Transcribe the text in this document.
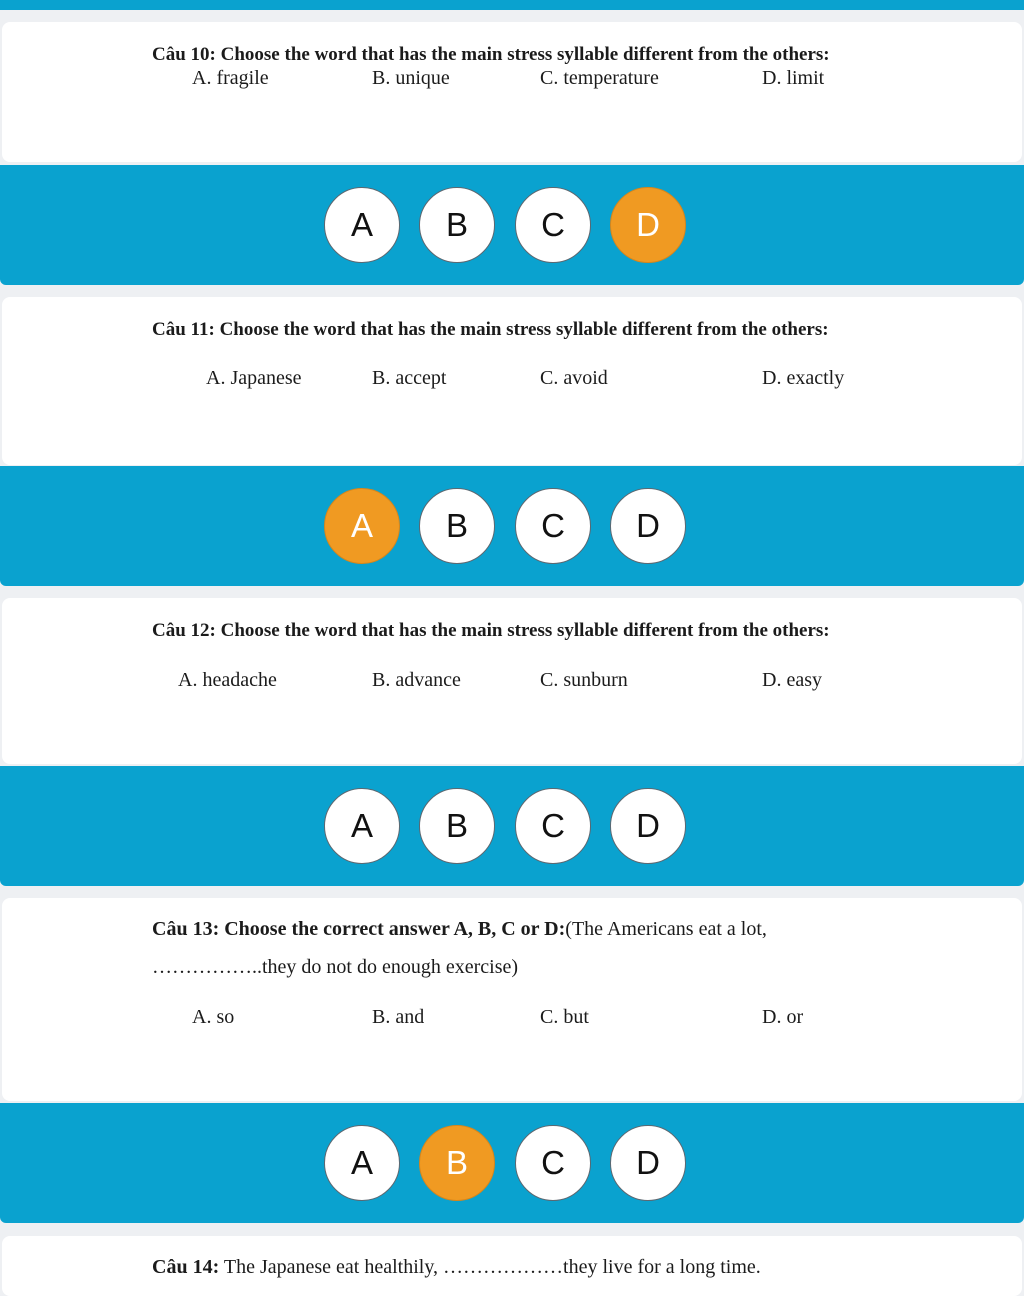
Câu 10: Choose the word that has the main stress syllable different from the others:
A. fragile	B. unique	C. temperature	D. limit
A	B	C	D
Câu 11: Choose the word that has the main stress syllable different from the others:
A. Japanese	B. accept	C. avoid	D. exactly
A	B	C	D
Câu 12: Choose the word that has the main stress syllable different from the others:
A. headache	B. advance	C. sunburn	D. easy
A	B	C	D
Câu 13: Choose the correct answer A, B, C or D:(The Americans eat a lot,
……………..they do not do enough exercise)
A. so	B. and	C. but	D. or
A	B	C	D
Câu 14: The Japanese eat healthily, ………………they live for a long time.
